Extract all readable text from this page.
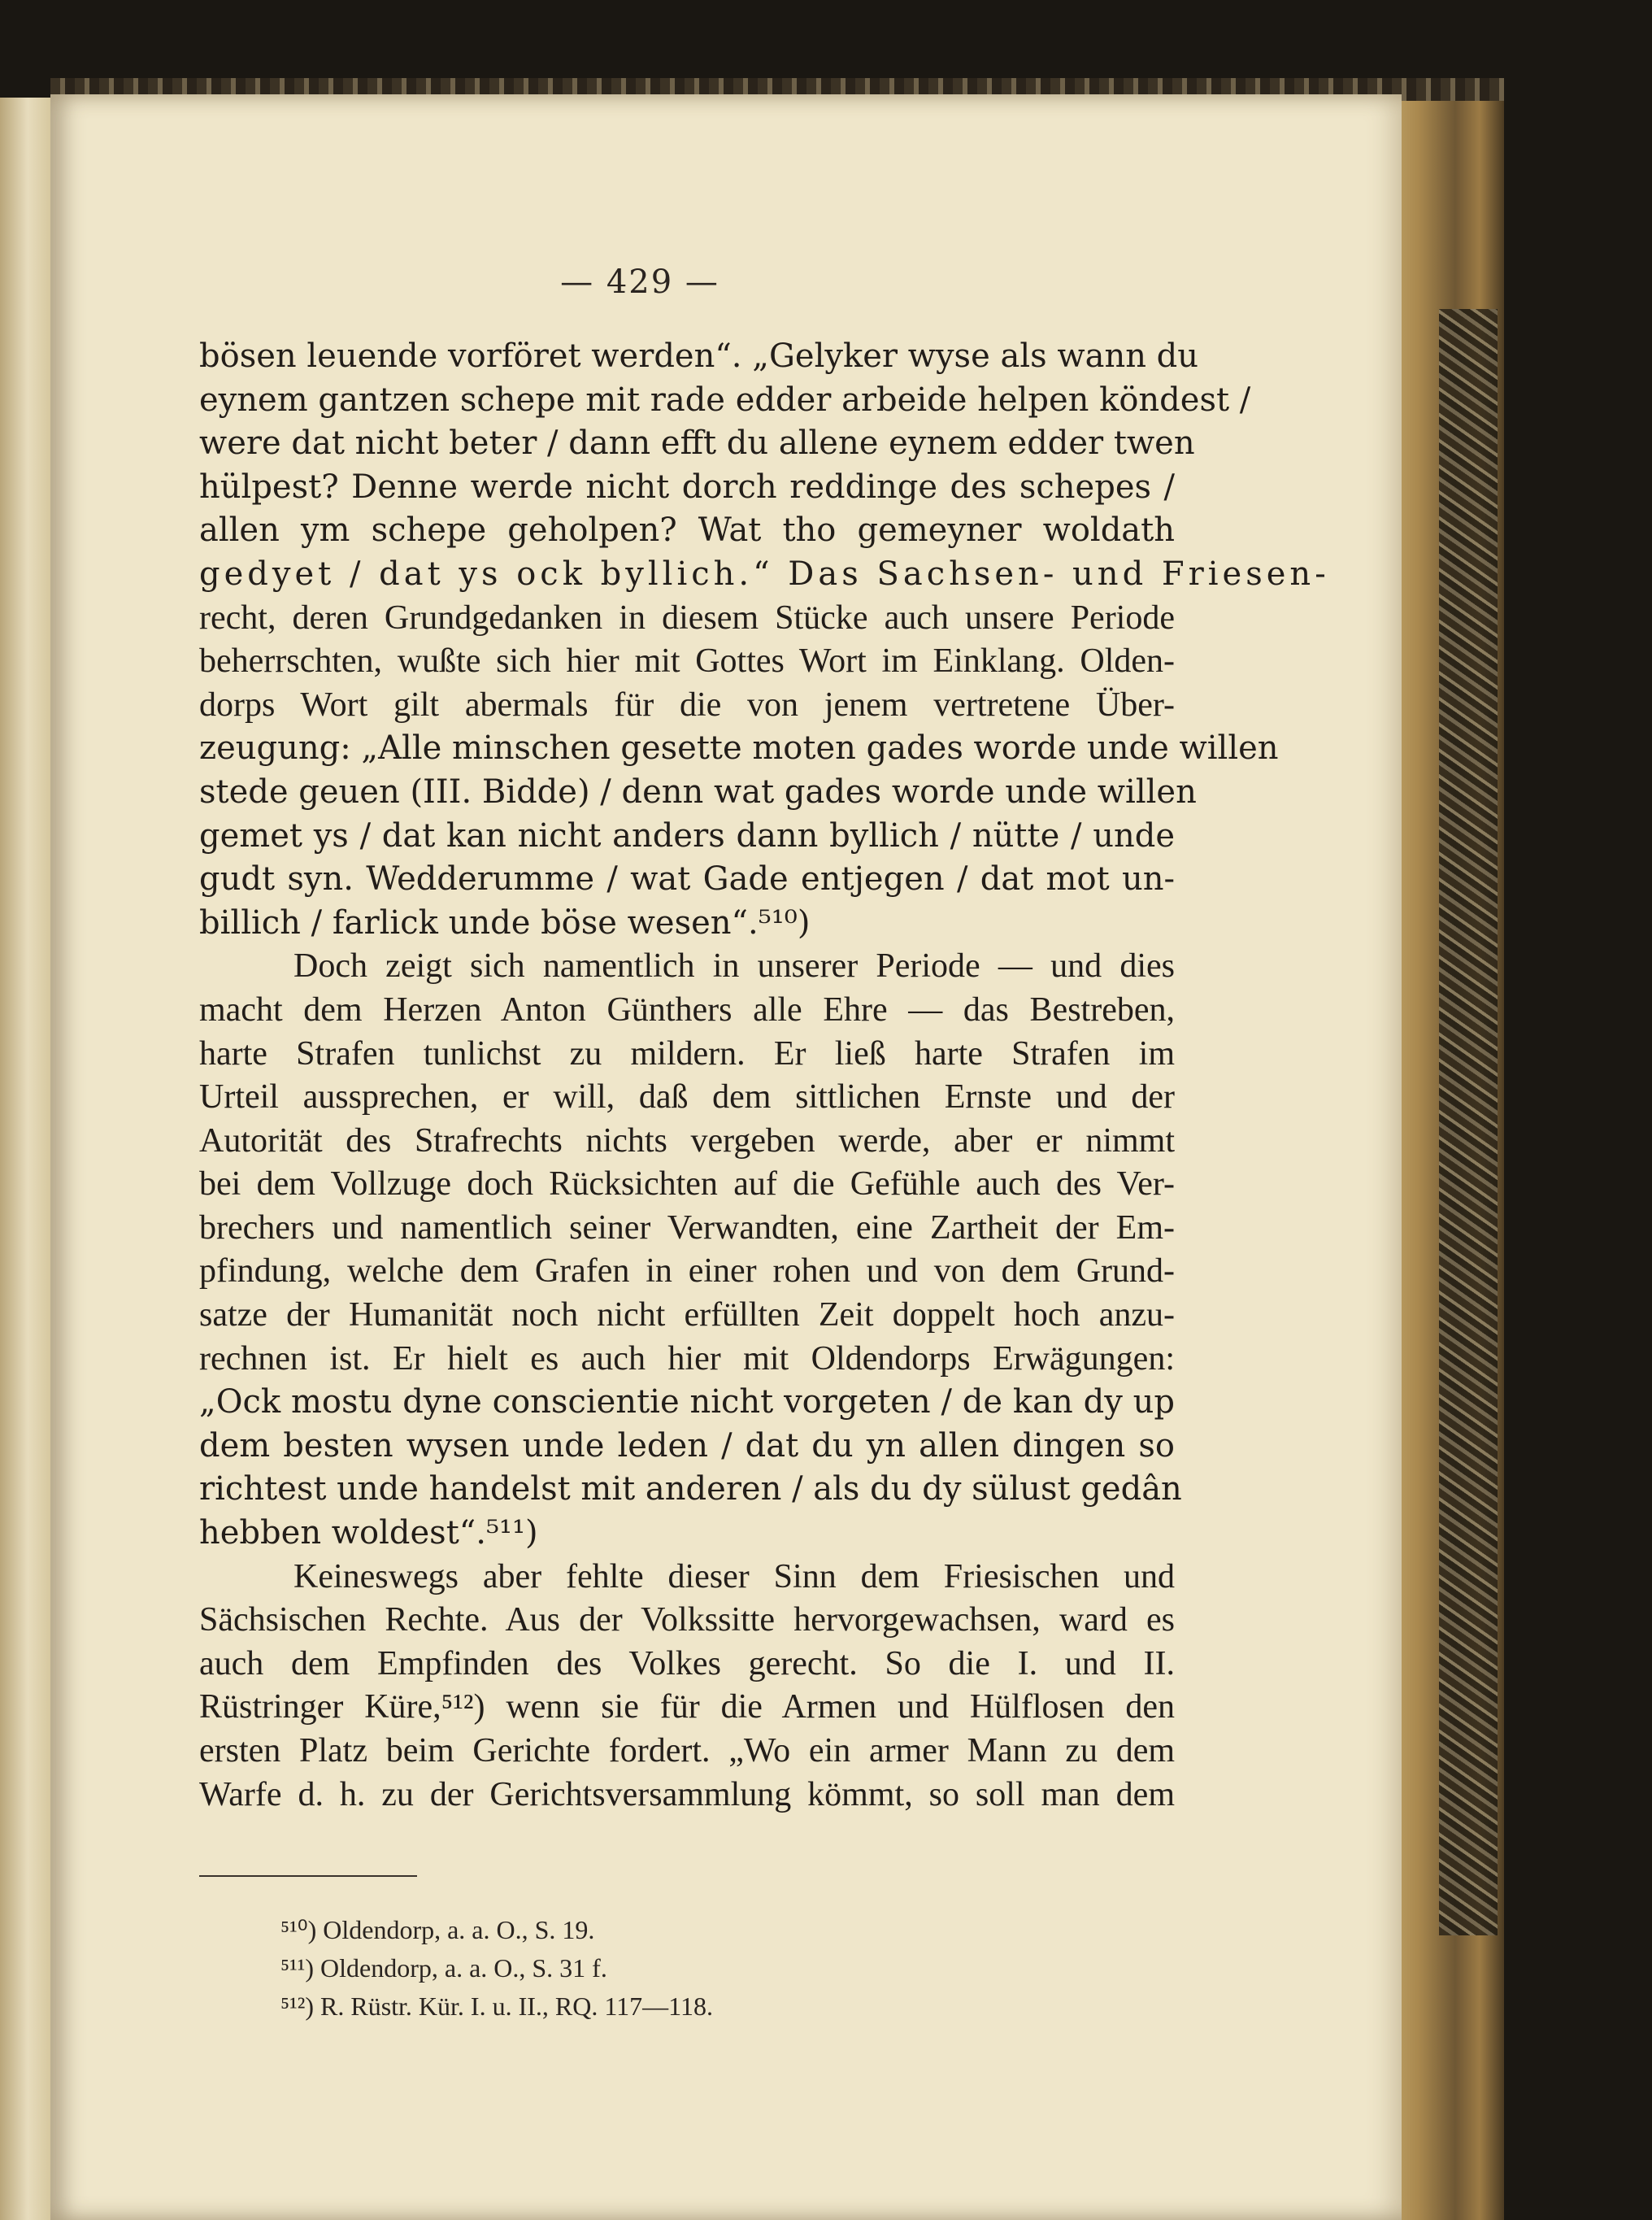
— 429 —
bösen leuende vorföret werden“. „Gelyker wyse als wann du
eynem gantzen schepe mit rade edder arbeide helpen köndest /
were dat nicht beter / dann efft du allene eynem edder twen
hülpest? Denne werde nicht dorch reddinge des schepes /
allen ym schepe geholpen? Wat tho gemeyner woldath
gedyet / dat ys ock byllich.“ Das Sachsen- und Friesen-
recht, deren Grundgedanken in diesem Stücke auch unsere Periode
beherrschten, wußte sich hier mit Gottes Wort im Einklang. Olden-
dorps Wort gilt abermals für die von jenem vertretene Über-
zeugung: „Alle minschen gesette moten gades worde unde willen
stede geuen (III. Bidde) / denn wat gades worde unde willen
gemet ys / dat kan nicht anders dann byllich / nütte / unde
gudt syn. Wedderumme / wat Gade entjegen / dat mot un-
billich / farlick unde böse wesen“.⁵¹⁰)
Doch zeigt sich namentlich in unserer Periode — und dies
macht dem Herzen Anton Günthers alle Ehre — das Bestreben,
harte Strafen tunlichst zu mildern. Er ließ harte Strafen im
Urteil aussprechen, er will, daß dem sittlichen Ernste und der
Autorität des Strafrechts nichts vergeben werde, aber er nimmt
bei dem Vollzuge doch Rücksichten auf die Gefühle auch des Ver-
brechers und namentlich seiner Verwandten, eine Zartheit der Em-
pfindung, welche dem Grafen in einer rohen und von dem Grund-
satze der Humanität noch nicht erfüllten Zeit doppelt hoch anzu-
rechnen ist. Er hielt es auch hier mit Oldendorps Erwägungen:
„Ock mostu dyne conscientie nicht vorgeten / de kan dy up
dem besten wysen unde leden / dat du yn allen dingen so
richtest unde handelst mit anderen / als du dy sülust gedân
hebben woldest“.⁵¹¹)
Keineswegs aber fehlte dieser Sinn dem Friesischen und
Sächsischen Rechte. Aus der Volkssitte hervorgewachsen, ward es
auch dem Empfinden des Volkes gerecht. So die I. und II.
Rüstringer Küre,⁵¹²) wenn sie für die Armen und Hülflosen den
ersten Platz beim Gerichte fordert. „Wo ein armer Mann zu dem
Warfe d. h. zu der Gerichtsversammlung kömmt, so soll man dem
⁵¹⁰) Oldendorp, a. a. O., S. 19.
⁵¹¹) Oldendorp, a. a. O., S. 31 f.
⁵¹²) R. Rüstr. Kür. I. u. II., RQ. 117—118.
